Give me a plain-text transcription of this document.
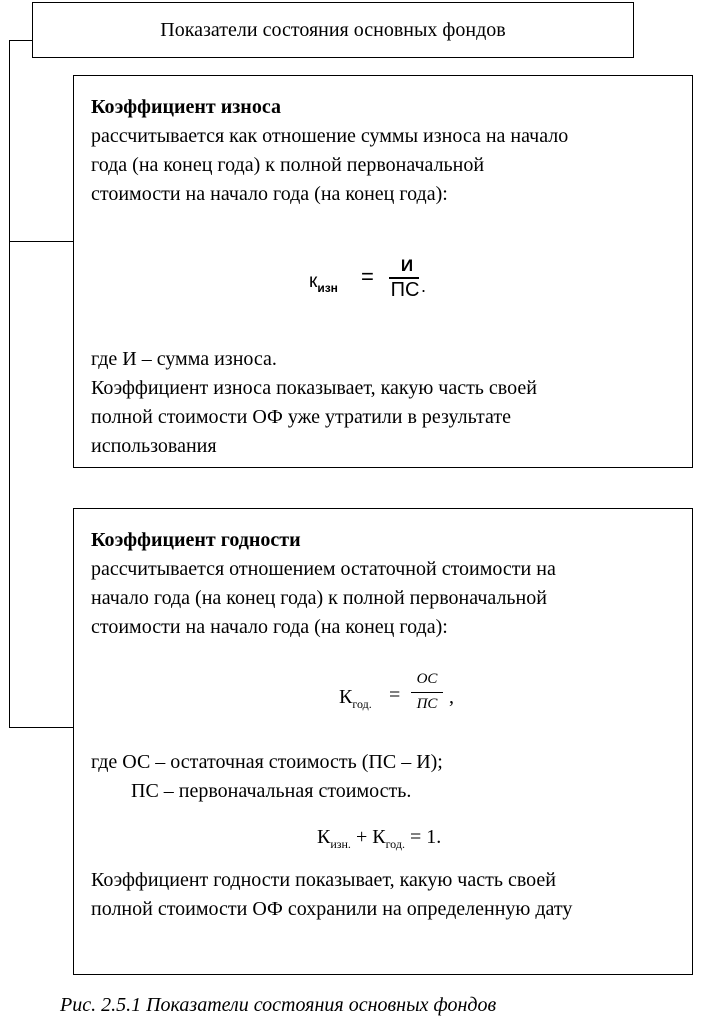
Показатели состояния основных фондов

Коэффициент износа

рассчитывается как отношение суммы износа на начало

года (на конец года) к полной первоначальной

стоимости на начало года (на конец года):

$к_{изн}$ =	И
ПС .

где И – сумма износа.

Коэффициент износа показывает, какую часть своей

полной стоимости ОФ уже утратили в результате

использования

Коэффициент годности

рассчитывается отношением остаточной стоимости на

начало года (на конец года) к полной первоначальной

стоимости на начало года (на конец года):

$К_{год.}$ =
ОС
ПС ,

где ОС – остаточная стоимость (ПС – И);

ПС – первоначальная стоимость.

$К_{изн.} + К_{год.} = 1$.

Коэффициент годности показывает, какую часть своей

полной стоимости ОФ сохранили на определенную дату

Рис. 2.5.1 Показатели состояния основных фондов
